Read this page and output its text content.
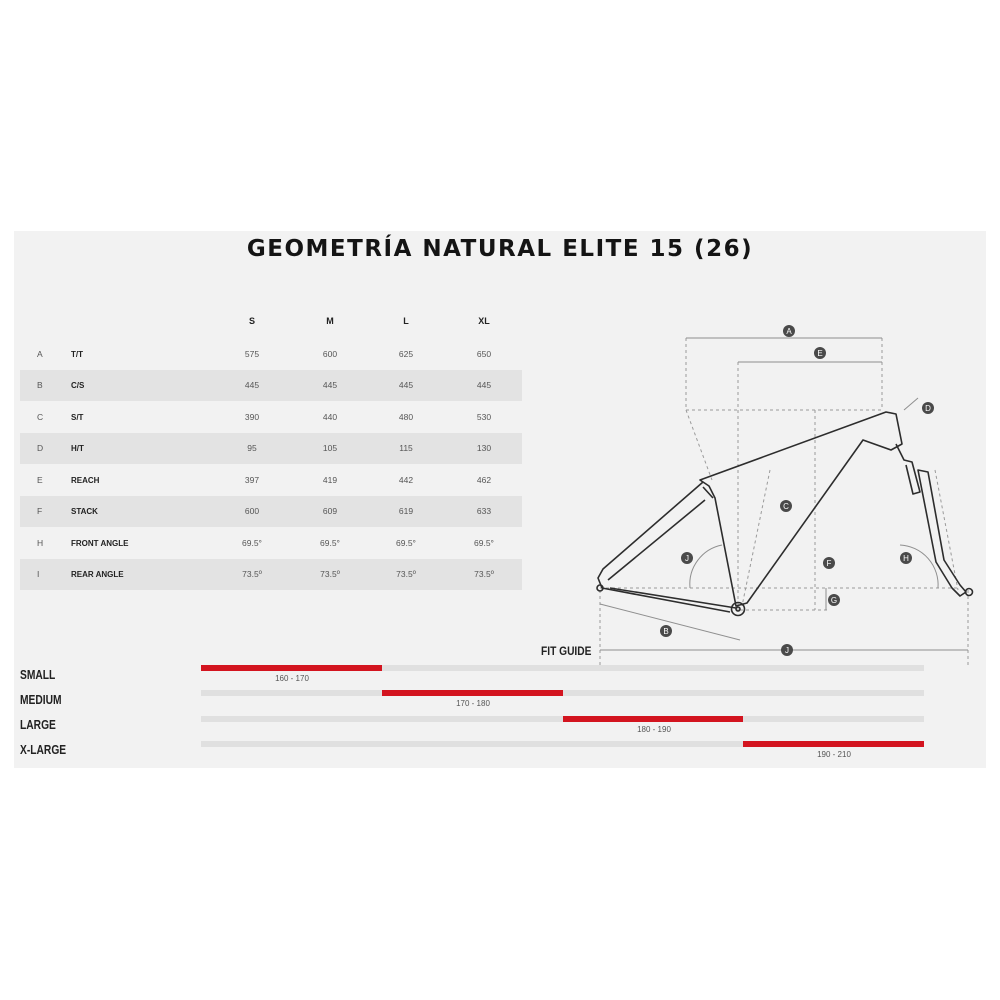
GEOMETRÍA NATURAL ELITE 15 (26)
S	M	L	XL
A	T/T	575	600	625	650
B	C/S	445	445	445	445
C	S/T	390	440	480	530
D	H/T	95	105	115	130
E	REACH	397	419	442	462
F	STACK	600	609	619	633
H	FRONT ANGLE	69.5°	69.5°	69.5°	69.5°
I	REAR ANGLE	73.5º	73.5º	73.5º	73.5º
A
E
D
C
F
J	H
G
B
J
FIT GUIDE
SMALL	160 - 170
MEDIUM	170 - 180
LARGE	180 - 190
X-LARGE	190 - 210
